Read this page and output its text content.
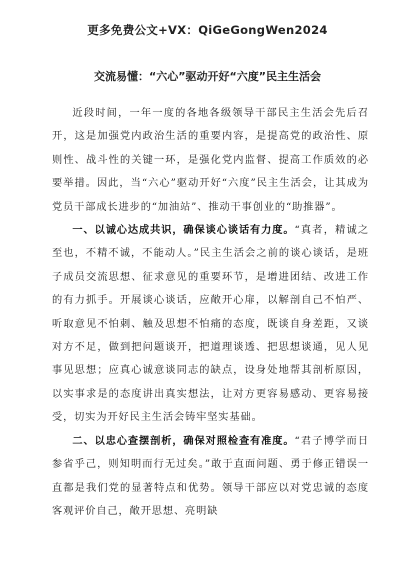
更多免费公文+VX：QiGeGongWen2024
交流易懂：“六心”驱动开好“六度”民主生活会

近段时间，一年一度的各地各级领导干部民主生活会先后召开，这是加强党内政治生活的重要内容，是提高党的政治性、原则性、战斗性的关键一环，是强化党内监督、提高工作质效的必要举措。因此，当“六心”驱动开好“六度”民主生活会，让其成为党员干部成长进步的“加油站”、推动干事创业的“助推器”。

一、以诚心达成共识，确保谈心谈话有力度。“真者，精诚之至也，不精不诚，不能动人。”民主生活会之前的谈心谈话，是班子成员交流思想、征求意见的重要环节，是增进团结、改进工作的有力抓手。开展谈心谈话，应敞开心扉，以解剖自己不怕严、听取意见不怕刺、触及思想不怕痛的态度，既谈自身差距，又谈对方不足，做到把问题谈开，把道理谈透、把思想谈通，见人见事见思想；应真心诚意谈同志的缺点，设身处地帮其剖析原因，以实事求是的态度讲出真实想法，让对方更容易感动、更容易接受，切实为开好民主生活会铸牢坚实基础。

二、以忠心查摆剖析，确保对照检查有准度。“君子博学而日参省乎己，则知明而行无过矣。”敢于直面问题、勇于修正错误一直都是我们党的显著特点和优势。领导干部应以对党忠诚的态度客观评价自己，敞开思想、亮明缺
